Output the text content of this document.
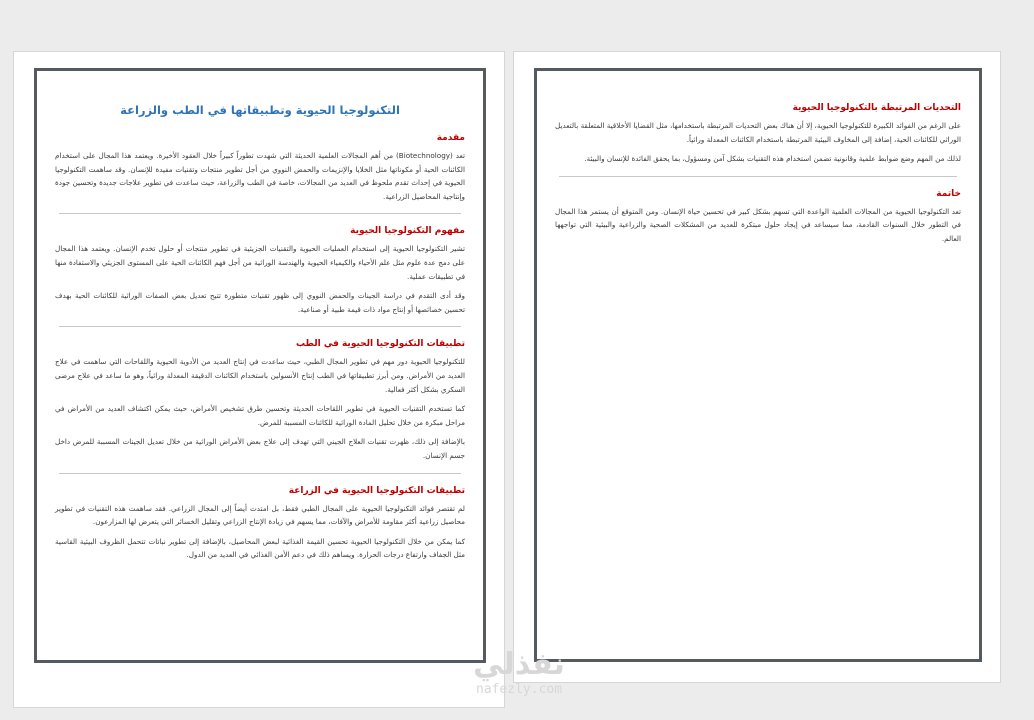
التكنولوجيا الحيوية وتطبيقاتها في الطب والزراعة
مقدمة

تعد (Biotechnology) من أهم المجالات العلمية الحديثة التي شهدت تطوراً كبيراً خلال العقود الأخيرة. ويعتمد هذا المجال على استخدام الكائنات الحية أو مكوناتها مثل الخلايا والإنزيمات والحمض النووي من أجل تطوير منتجات وتقنيات مفيدة للإنسان. وقد ساهمت التكنولوجيا الحيوية في إحداث تقدم ملحوظ في العديد من المجالات، خاصة في الطب والزراعة، حيث ساعدت في تطوير علاجات جديدة وتحسين جودة وإنتاجية المحاصيل الزراعية.

مفهوم التكنولوجيا الحيوية

تشير التكنولوجيا الحيوية إلى استخدام العمليات الحيوية والتقنيات الجزيئية في تطوير منتجات أو حلول تخدم الإنسان. ويعتمد هذا المجال على دمج عدة علوم مثل علم الأحياء والكيمياء الحيوية والهندسة الوراثية من أجل فهم الكائنات الحية على المستوى الجزيئي والاستفادة منها في تطبيقات عملية.

وقد أدى التقدم في دراسة الجينات والحمض النووي إلى ظهور تقنيات متطورة تتيح تعديل بعض الصفات الوراثية للكائنات الحية بهدف تحسين خصائصها أو إنتاج مواد ذات قيمة طبية أو صناعية.

تطبيقات التكنولوجيا الحيوية في الطب

للتكنولوجيا الحيوية دور مهم في تطوير المجال الطبي، حيث ساعدت في إنتاج العديد من الأدوية الحيوية واللقاحات التي ساهمت في علاج العديد من الأمراض. ومن أبرز تطبيقاتها في الطب إنتاج الأنسولين باستخدام الكائنات الدقيقة المعدلة وراثياً، وهو ما ساعد في علاج مرضى السكري بشكل أكثر فعالية.

كما تستخدم التقنيات الحيوية في تطوير اللقاحات الحديثة وتحسين طرق تشخيص الأمراض، حيث يمكن اكتشاف العديد من الأمراض في مراحل مبكرة من خلال تحليل المادة الوراثية للكائنات المسببة للمرض.

بالإضافة إلى ذلك، ظهرت تقنيات العلاج الجيني التي تهدف إلى علاج بعض الأمراض الوراثية من خلال تعديل الجينات المسببة للمرض داخل جسم الإنسان.

تطبيقات التكنولوجيا الحيوية في الزراعة

لم تقتصر فوائد التكنولوجيا الحيوية على المجال الطبي فقط، بل امتدت أيضاً إلى المجال الزراعي. فقد ساهمت هذه التقنيات في تطوير محاصيل زراعية أكثر مقاومة للأمراض والآفات، مما يسهم في زيادة الإنتاج الزراعي وتقليل الخسائر التي يتعرض لها المزارعون.

كما يمكن من خلال التكنولوجيا الحيوية تحسين القيمة الغذائية لبعض المحاصيل، بالإضافة إلى تطوير نباتات تتحمل الظروف البيئية القاسية مثل الجفاف وارتفاع درجات الحرارة. ويساهم ذلك في دعم الأمن الغذائي في العديد من الدول.

التحديات المرتبطة بالتكنولوجيا الحيوية

على الرغم من الفوائد الكبيرة للتكنولوجيا الحيوية، إلا أن هناك بعض التحديات المرتبطة باستخدامها، مثل القضايا الأخلاقية المتعلقة بالتعديل الوراثي للكائنات الحية، إضافة إلى المخاوف البيئية المرتبطة باستخدام الكائنات المعدلة وراثياً.

لذلك من المهم وضع ضوابط علمية وقانونية تضمن استخدام هذه التقنيات بشكل آمن ومسؤول، بما يحقق الفائدة للإنسان والبيئة.

خاتمة

تعد التكنولوجيا الحيوية من المجالات العلمية الواعدة التي تسهم بشكل كبير في تحسين حياة الإنسان. ومن المتوقع أن يستمر هذا المجال في التطور خلال السنوات القادمة، مما سيساعد في إيجاد حلول مبتكرة للعديد من المشكلات الصحية والزراعية والبيئية التي تواجهها العالم.

نفذلي
nafezly.com
